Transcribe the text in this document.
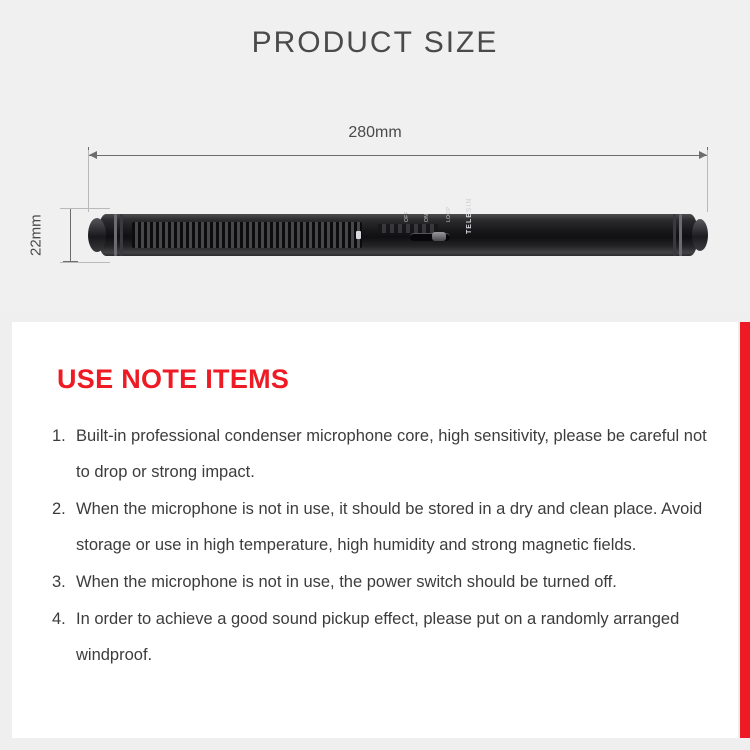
PRODUCT SIZE
280mm
22mm	OFF	ON	LOOP TELESIN
USE NOTE ITEMS
1. Built-in professional condenser microphone core, high sensitivity, please be careful not to drop or strong impact.
2. When the microphone is not in use, it should be stored in a dry and clean place. Avoid storage or use in high temperature, high humidity and strong magnetic fields.
3. When the microphone is not in use, the power switch should be turned off.
4. In order to achieve a good sound pickup effect, please put on a randomly arranged windproof.
